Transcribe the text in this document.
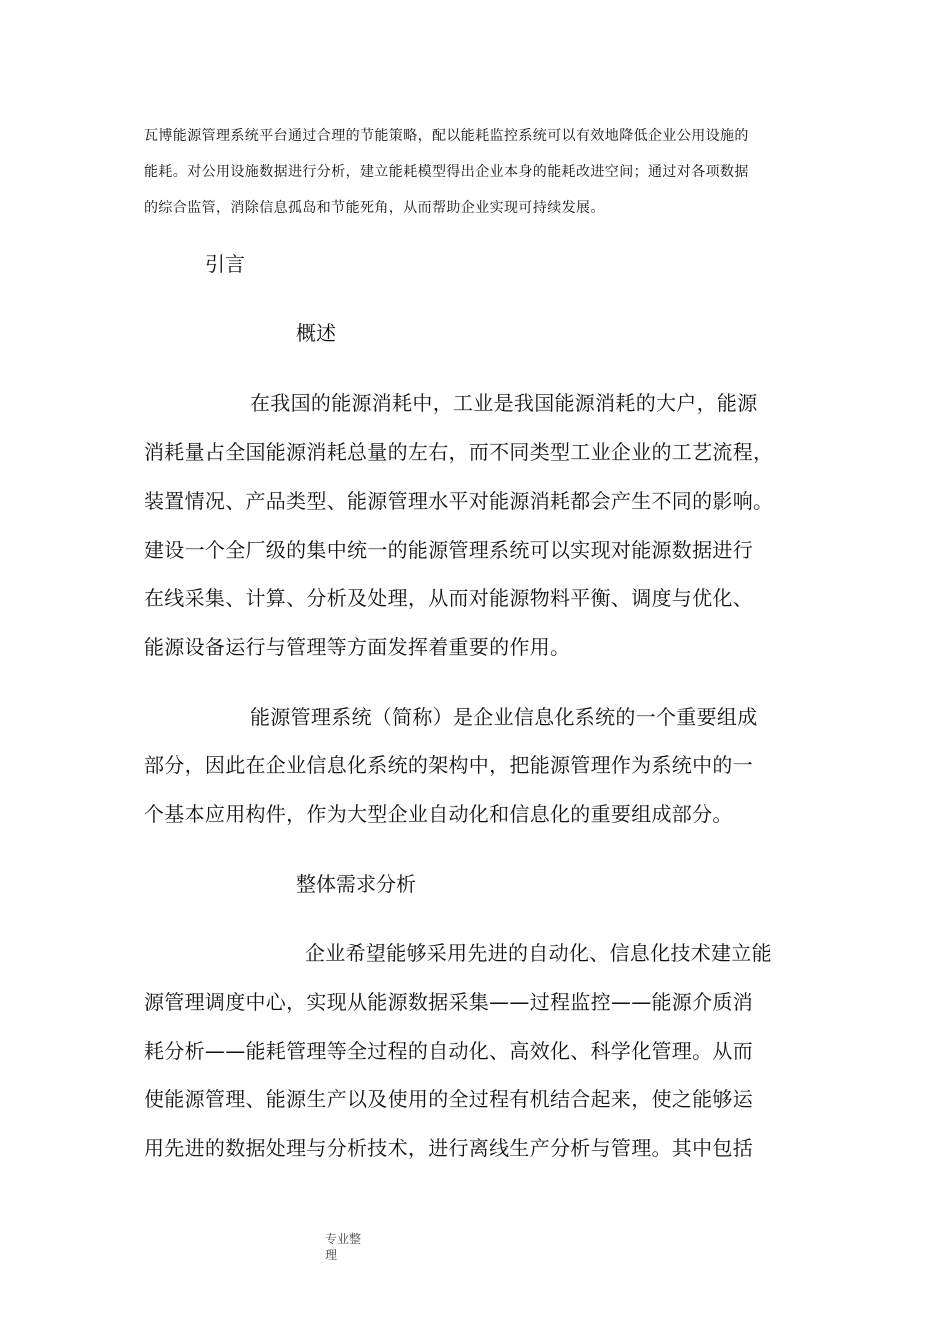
瓦博能源管理系统平台通过合理的节能策略，配以能耗监控系统可以有效地降低企业公用设施的
能耗。对公用设施数据进行分析，建立能耗模型得出企业本身的能耗改进空间；通过对各项数据
的综合监管，消除信息孤岛和节能死角，从而帮助企业实现可持续发展。
引言
概述
在我国的能源消耗中，工业是我国能源消耗的大户，能源
消耗量占全国能源消耗总量的左右，而不同类型工业企业的工艺流程，
装置情况、产品类型、能源管理水平对能源消耗都会产生不同的影响。
建设一个全厂级的集中统一的能源管理系统可以实现对能源数据进行
在线采集、计算、分析及处理，从而对能源物料平衡、调度与优化、
能源设备运行与管理等方面发挥着重要的作用。
能源管理系统（简称）是企业信息化系统的一个重要组成
部分，因此在企业信息化系统的架构中，把能源管理作为系统中的一
个基本应用构件，作为大型企业自动化和信息化的重要组成部分。
整体需求分析
企业希望能够采用先进的自动化、信息化技术建立能
源管理调度中心，实现从能源数据采集——过程监控——能源介质消
耗分析——能耗管理等全过程的自动化、高效化、科学化管理。从而
使能源管理、能源生产以及使用的全过程有机结合起来，使之能够运
用先进的数据处理与分析技术，进行离线生产分析与管理。其中包括
专业整
理
